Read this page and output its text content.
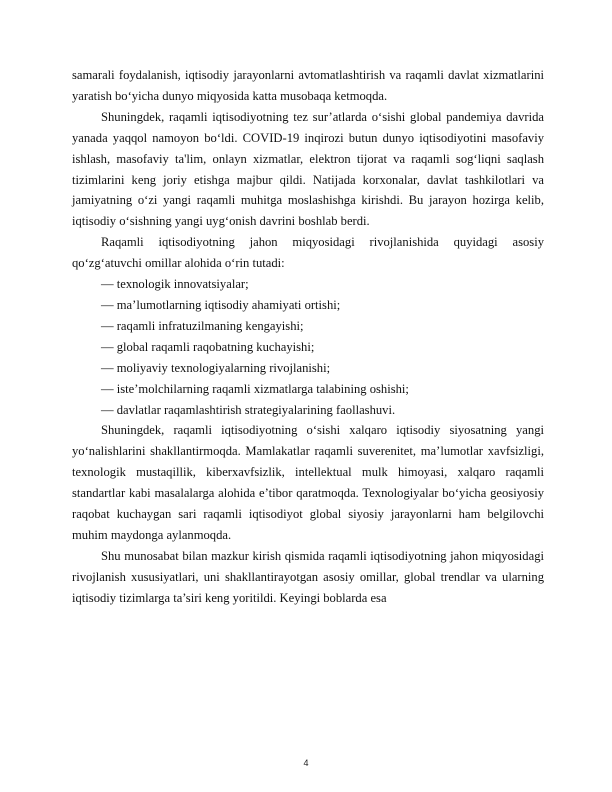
samarali foydalanish, iqtisodiy jarayonlarni avtomatlashtirish va raqamli davlat xizmatlarini yaratish bo‘yicha dunyo miqyosida katta musobaqa ketmoqda.

Shuningdek, raqamli iqtisodiyotning tez sur’atlarda o‘sishi global pandemiya davrida yanada yaqqol namoyon bo‘ldi. COVID-19 inqirozi butun dunyo iqtisodiyotini masofaviy ishlash, masofaviy ta'lim, onlayn xizmatlar, elektron tijorat va raqamli sog‘liqni saqlash tizimlarini keng joriy etishga majbur qildi. Natijada korxonalar, davlat tashkilotlari va jamiyatning o‘zi yangi raqamli muhitga moslashishga kirishdi. Bu jarayon hozirga kelib, iqtisodiy o‘sishning yangi uyg‘onish davrini boshlab berdi.

Raqamli iqtisodiyotning jahon miqyosidagi rivojlanishida quyidagi asosiy qo‘zg‘atuvchi omillar alohida o‘rin tutadi:

— texnologik innovatsiyalar;
— ma’lumotlarning iqtisodiy ahamiyati ortishi;
— raqamli infratuzilmaning kengayishi;
— global raqamli raqobatning kuchayishi;
— moliyaviy texnologiyalarning rivojlanishi;
— iste’molchilarning raqamli xizmatlarga talabining oshishi;
— davlatlar raqamlashtirish strategiyalarining faollashuvi.

Shuningdek, raqamli iqtisodiyotning o‘sishi xalqaro iqtisodiy siyosatning yangi yo‘nalishlarini shakllantirmoqda. Mamlakatlar raqamli suverenitet, ma’lumotlar xavfsizligi, texnologik mustaqillik, kiberxavfsizlik, intellektual mulk himoyasi, xalqaro raqamli standartlar kabi masalalarga alohida e’tibor qaratmoqda. Texnologiyalar bo‘yicha geosiyosiy raqobat kuchaygan sari raqamli iqtisodiyot global siyosiy jarayonlarni ham belgilovchi muhim maydonga aylanmoqda.

Shu munosabat bilan mazkur kirish qismida raqamli iqtisodiyotning jahon miqyosidagi rivojlanish xususiyatlari, uni shakllantirayotgan asosiy omillar, global trendlar va ularning iqtisodiy tizimlarga ta’siri keng yoritildi. Keyingi boblarda esa

4
